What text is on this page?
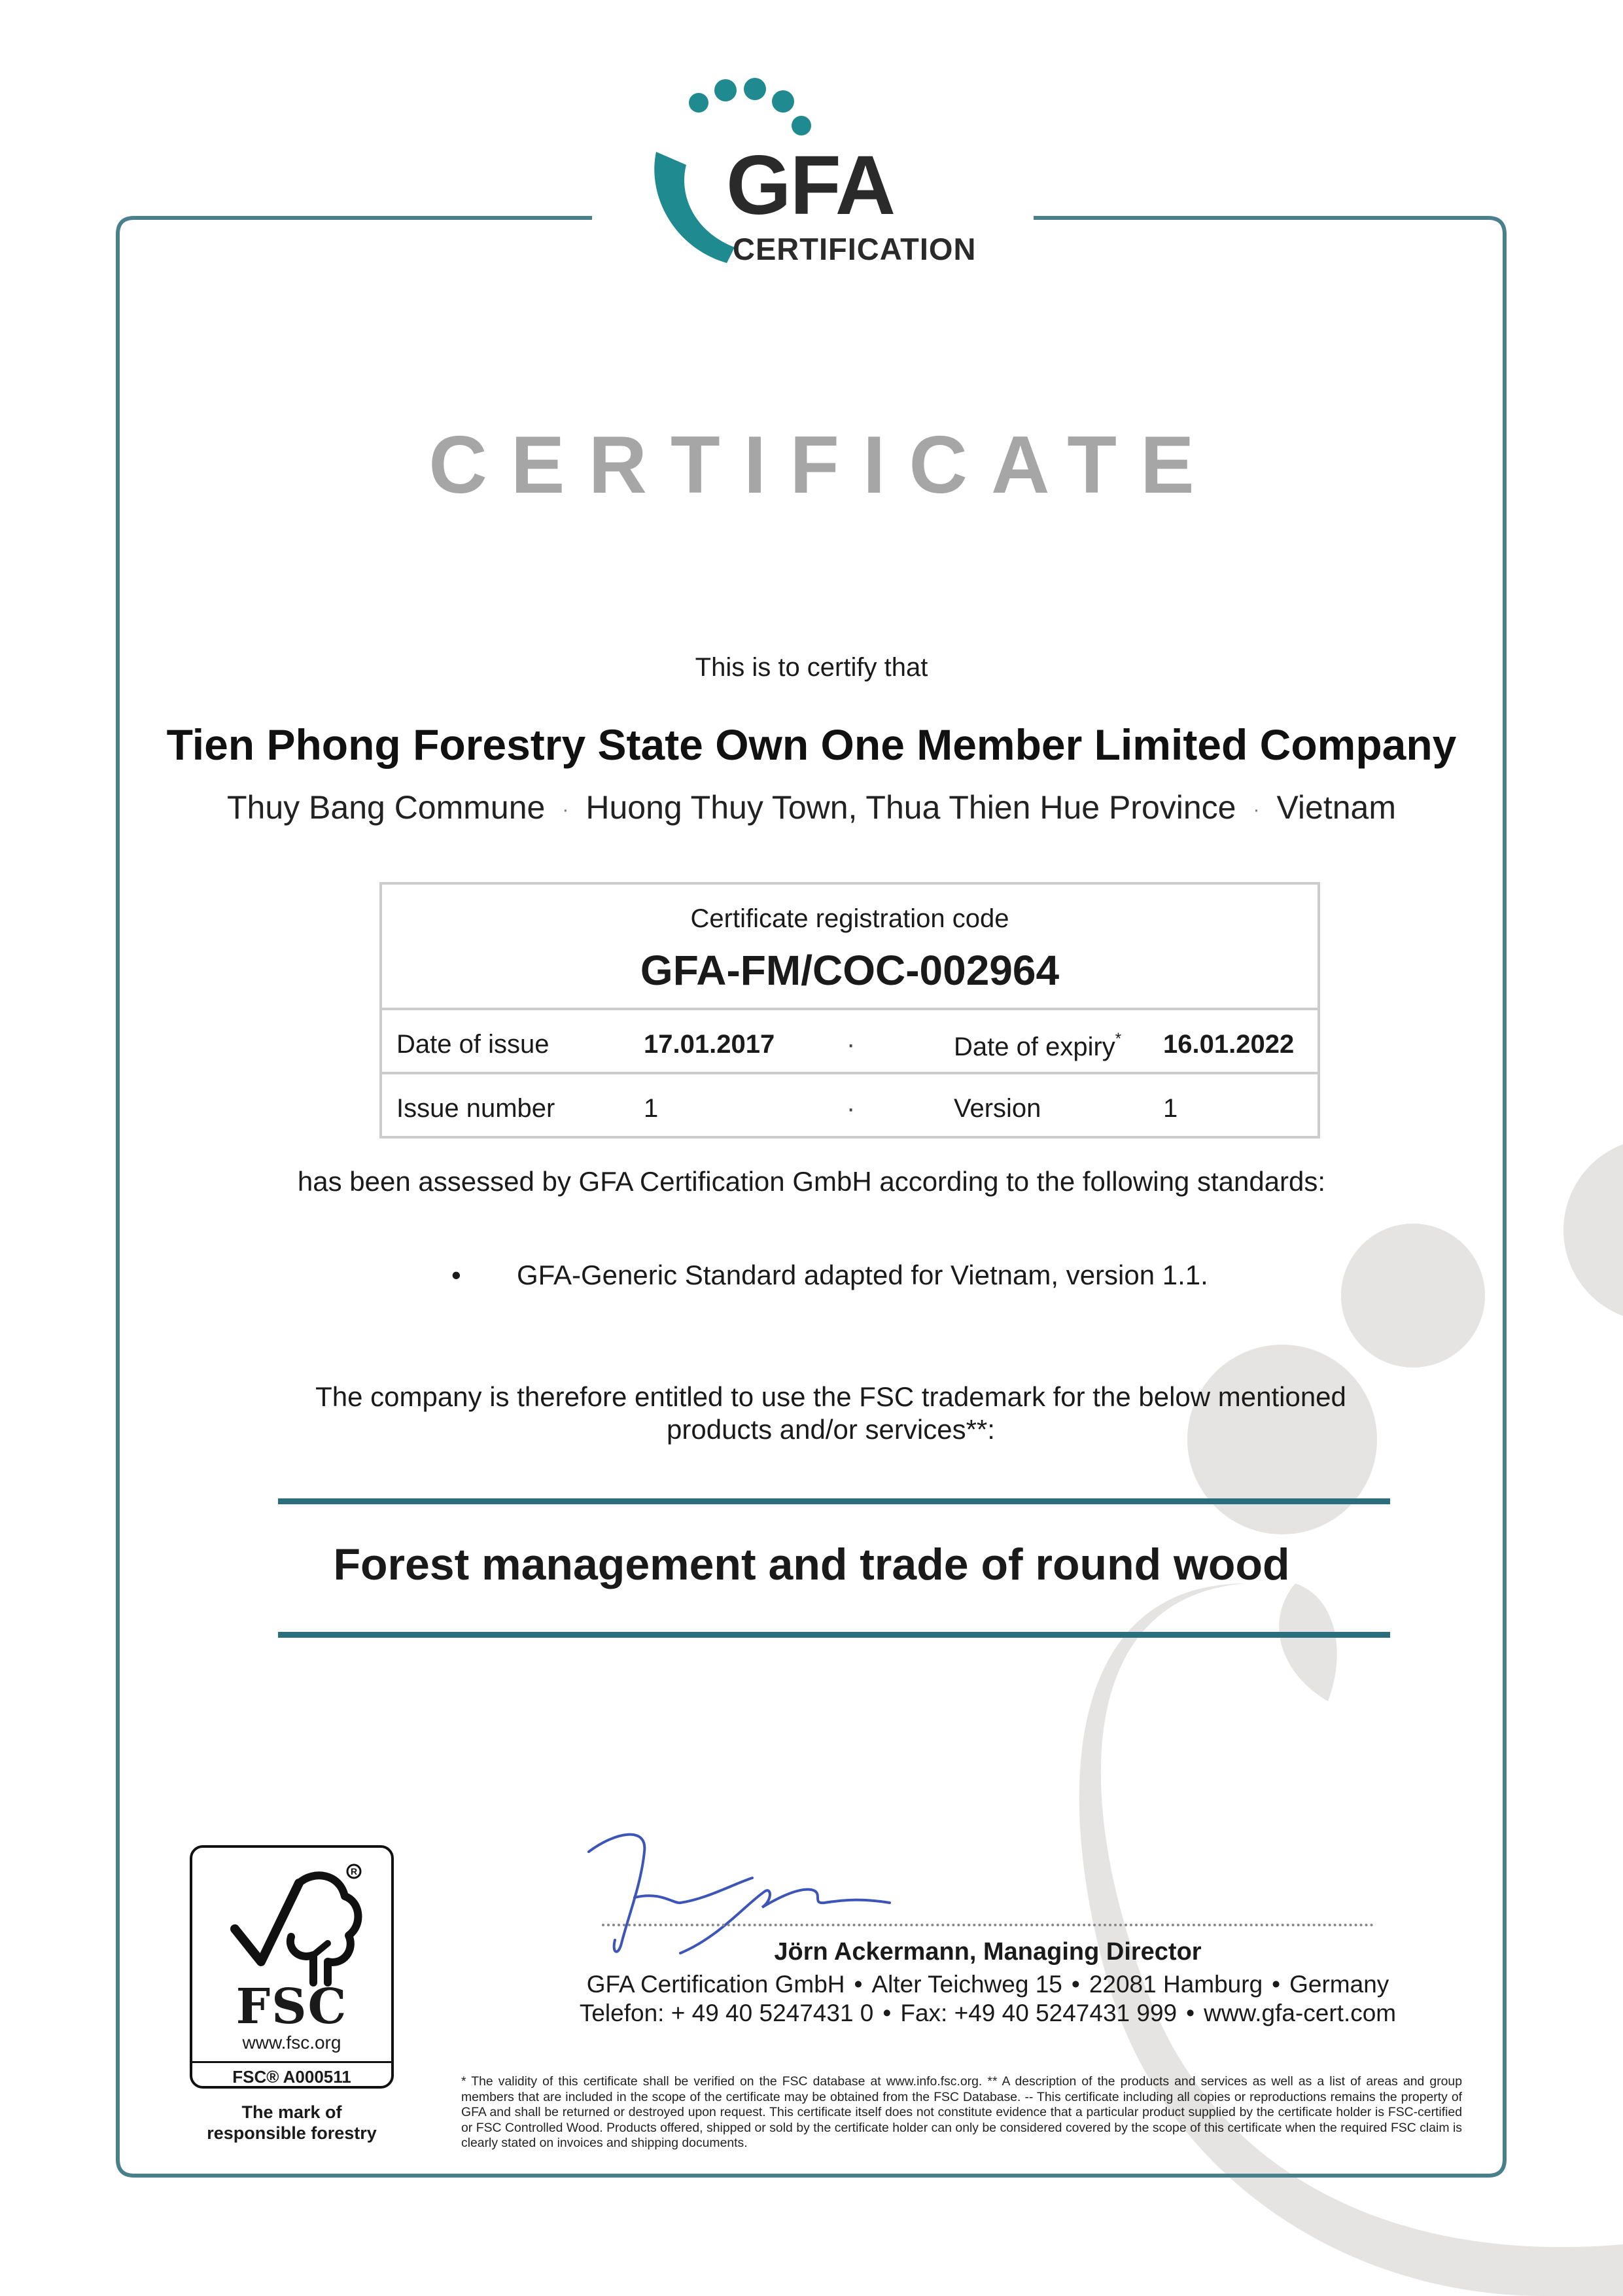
GFA
CERTIFICATION
CERTIFICATE
This is to certify that
Tien Phong Forestry State Own One Member Limited Company
Thuy Bang Commune · Huong Thuy Town, Thua Thien Hue Province · Vietnam
Certificate registration code
GFA-FM/COC-002964
Date of issue	17.01.2017	·	Date of expiry* 16.01.2022
Issue number	1	·	Version	1
has been assessed by GFA Certification GmbH according to the following standards:
• GFA-Generic Standard adapted for Vietnam, version 1.1.
The company is therefore entitled to use the FSC trademark for the below mentioned products and/or services**:
Forest management and trade of round wood
R
FSC
www.fsc.org
FSC® A000511
The mark of
responsible forestry
Jörn Ackermann, Managing Director
GFA Certification GmbH • Alter Teichweg 15 • 22081 Hamburg • Germany
Telefon: + 49 40 5247431 0 • Fax: +49 40 5247431 999 • www.gfa-cert.com
* The validity of this certificate shall be verified on the FSC database at www.info.fsc.org. ** A description of the products and services as well as a list of areas and group members that are included in the scope of the certificate may be obtained from the FSC Database. -- This certificate including all copies or reproductions remains the property of GFA and shall be returned or destroyed upon request. This certificate itself does not constitute evidence that a particular product supplied by the certificate holder is FSC-certified or FSC Controlled Wood. Products offered, shipped or sold by the certificate holder can only be considered covered by the scope of this certificate when the required FSC claim is clearly stated on invoices and shipping documents.
